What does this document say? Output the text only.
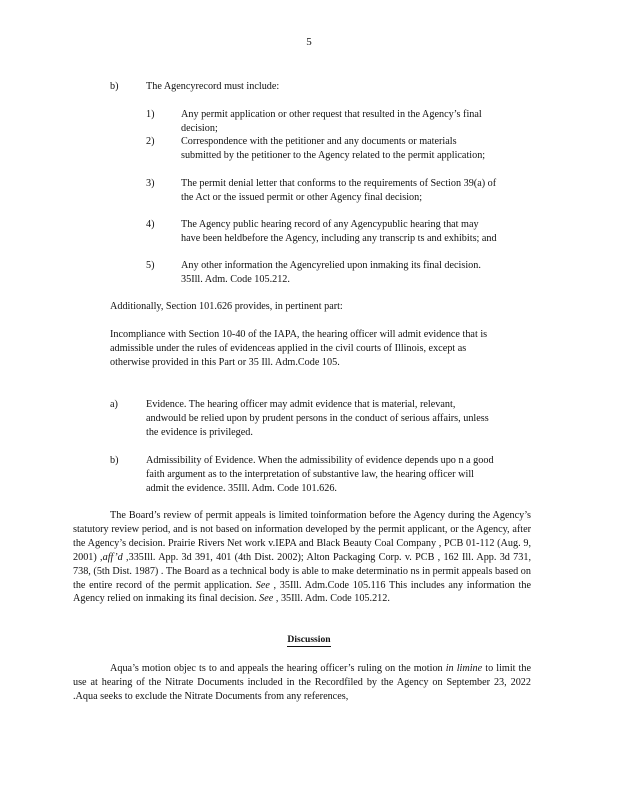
5
b)	The Agencyrecord must include:
1)	Any permit application or other request that resulted in the Agency’s final decision;

2)	Correspondence with the petitioner and any documents or materials submitted by the petitioner to the Agency related to the permit application;

3)	The permit denial letter that conforms to the requirements of Section 39(a) of the Act or the issued permit or other Agency final decision;

4)	The Agency public hearing record of any Agencypublic hearing that may have been heldbefore the Agency, including any transcrip ts and exhibits; and

5)	Any other information the Agencyrelied upon inmaking its final decision. 35Ill. Adm. Code 105.212.

Additionally, Section 101.626 provides, in pertinent part:

Incompliance with Section 10-40 of the IAPA, the hearing officer will admit evidence that is admissible under the rules of evidenceas applied in the civil courts of Illinois, except as otherwise provided in this Part or 35 Ill. Adm.Code 105.

a)	Evidence. The hearing officer may admit evidence that is material, relevant, andwould be relied upon by prudent persons in the conduct of serious affairs, unless the evidence is privileged.

b)	Admissibility of Evidence. When the admissibility of evidence depends upo n a good faith argument as to the interpretation of substantive law, the hearing officer will admit the evidence. 35Ill. Adm. Code 101.626.

The Board’s review of permit appeals is limited toinformation before the Agency during the Agency’s statutory review period, and is not based on information developed by the permit applicant, or the Agency, after the Agency’s decision. Prairie Rivers Net work v.IEPA and Black Beauty Coal Company , PCB 01-112 (Aug. 9, 2001) ,aff’d ,335Ill. App. 3d 391, 401 (4th Dist. 2002); Alton Packaging Corp. v. PCB , 162 Ill. App. 3d 731, 738, (5th Dist. 1987) . The Board as a technical body is able to make determinatio ns in permit appeals based on the entire record of the permit application. See , 35Ill. Adm.Code 105.116 This includes any information the Agency relied on inmaking its final decision. See , 35Ill. Adm. Code 105.212.

Discussion

Aqua’s motion objec ts to and appeals the hearing officer’s ruling on the motion in limine to limit the use at hearing of the Nitrate Documents included in the Recordfiled by the Agency on September 23, 2022 .Aqua seeks to exclude the Nitrate Documents from any references,
